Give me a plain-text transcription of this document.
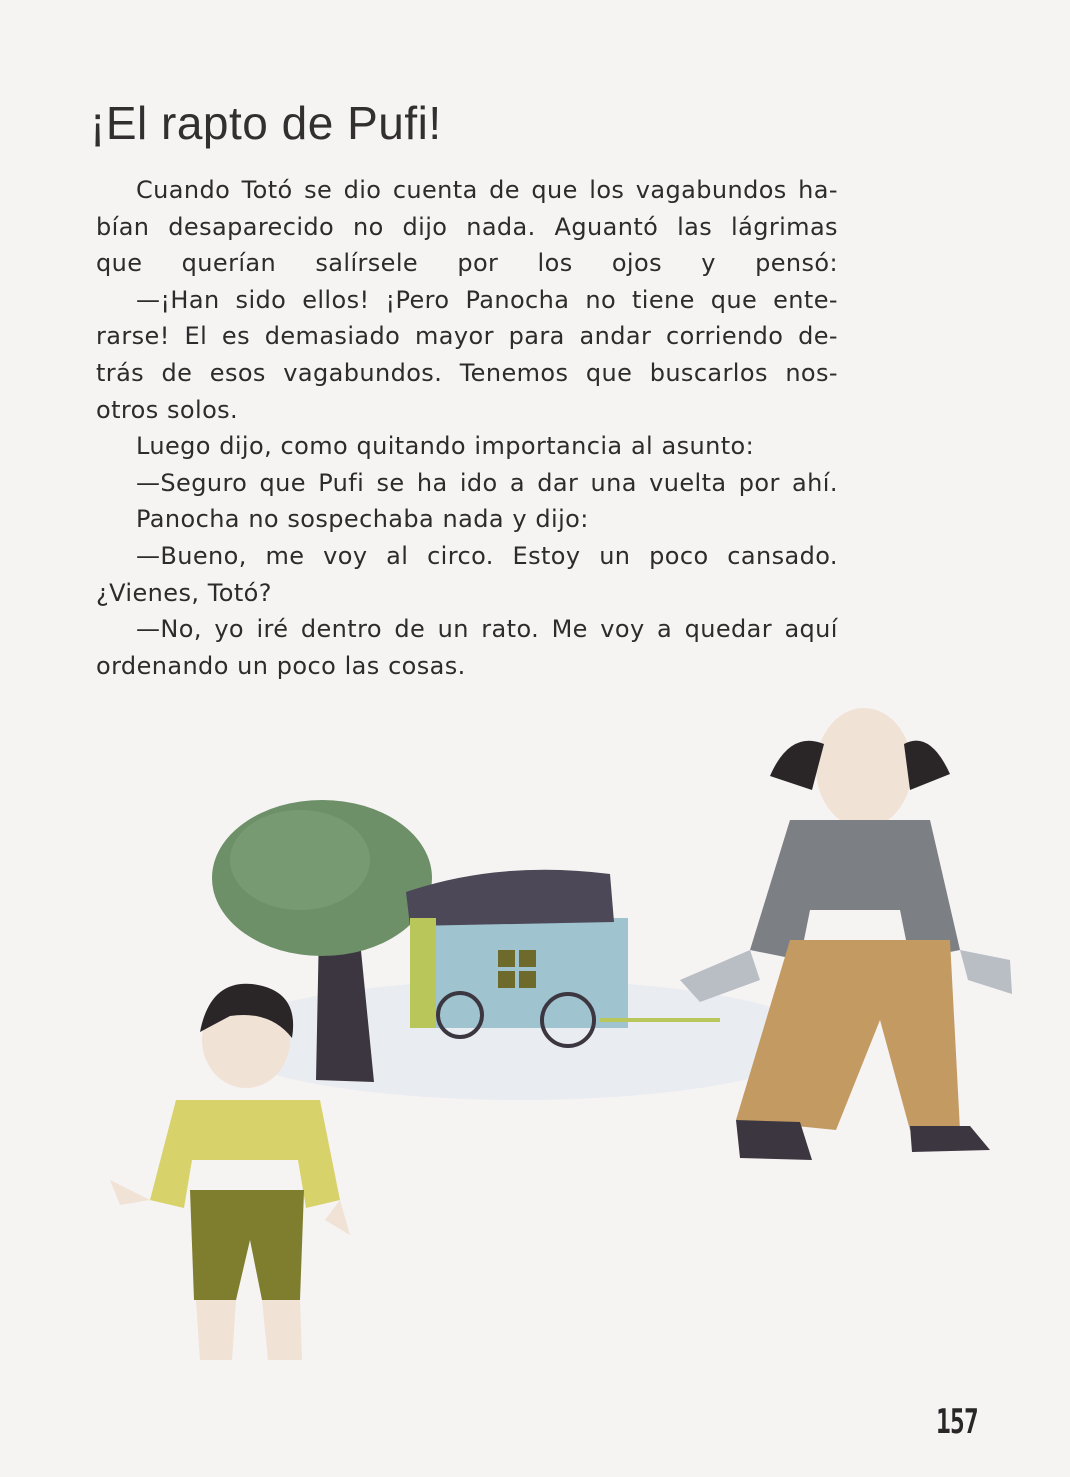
¡El rapto de Pufi!
Cuando Totó se dio cuenta de que los vagabundos ha-
bían desaparecido no dijo nada. Aguantó las lágrimas
que querían salírsele por los ojos y pensó:
—¡Han sido ellos! ¡Pero Panocha no tiene que ente-
rarse! El es demasiado mayor para andar corriendo de-
trás de esos vagabundos. Tenemos que buscarlos nos-
otros solos.
Luego dijo, como quitando importancia al asunto:
—Seguro que Pufi se ha ido a dar una vuelta por ahí.
Panocha no sospechaba nada y dijo:
—Bueno, me voy al circo. Estoy un poco cansado.
¿Vienes, Totó?
—No, yo iré dentro de un rato. Me voy a quedar aquí
ordenando un poco las cosas.
157
